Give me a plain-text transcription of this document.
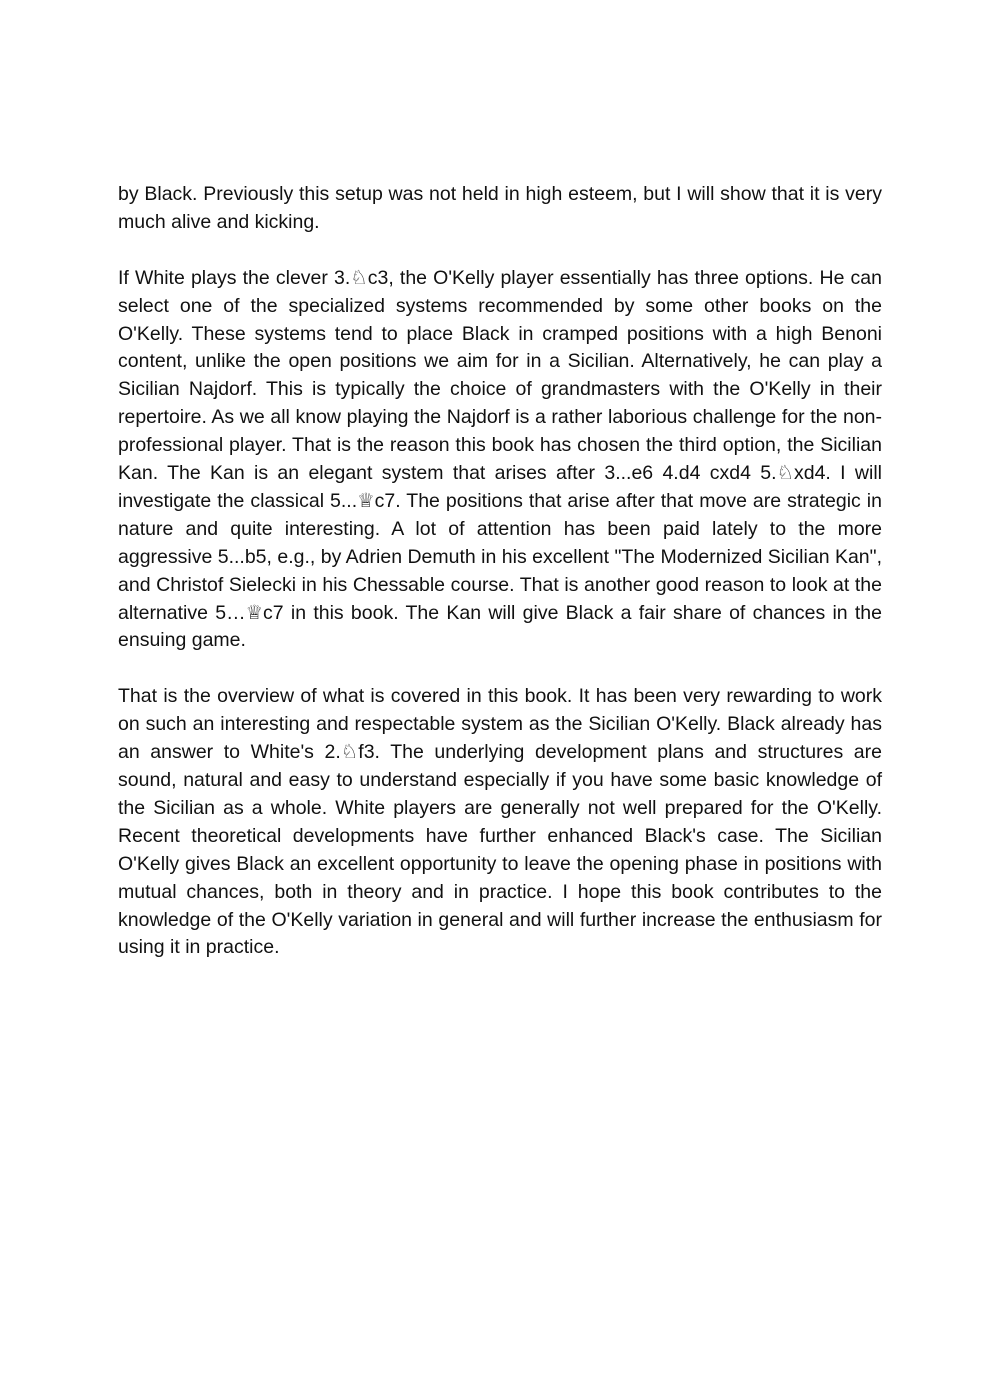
by Black. Previously this setup was not held in high esteem, but I will show that it is very much alive and kicking.

If White plays the clever 3.♘c3, the O'Kelly player essentially has three options. He can select one of the specialized systems recommended by some other books on the O'Kelly. These systems tend to place Black in cramped positions with a high Benoni content, unlike the open positions we aim for in a Sicilian. Alternatively, he can play a Sicilian Najdorf. This is typically the choice of grandmasters with the O'Kelly in their repertoire. As we all know playing the Najdorf is a rather laborious challenge for the non-professional player. That is the reason this book has chosen the third option, the Sicilian Kan. The Kan is an elegant system that arises after 3...e6 4.d4 cxd4 5.♘xd4. I will investigate the classical 5...♕c7. The positions that arise after that move are strategic in nature and quite interesting. A lot of attention has been paid lately to the more aggressive 5...b5, e.g., by Adrien Demuth in his excellent "The Modernized Sicilian Kan", and Christof Sielecki in his Chessable course. That is another good reason to look at the alternative 5…♕c7 in this book. The Kan will give Black a fair share of chances in the ensuing game.

That is the overview of what is covered in this book. It has been very rewarding to work on such an interesting and respectable system as the Sicilian O'Kelly. Black already has an answer to White's 2.♘f3. The underlying development plans and structures are sound, natural and easy to understand especially if you have some basic knowledge of the Sicilian as a whole. White players are generally not well prepared for the O'Kelly. Recent theoretical developments have further enhanced Black's case. The Sicilian O'Kelly gives Black an excellent opportunity to leave the opening phase in positions with mutual chances, both in theory and in practice. I hope this book contributes to the knowledge of the O'Kelly variation in general and will further increase the enthusiasm for using it in practice.
